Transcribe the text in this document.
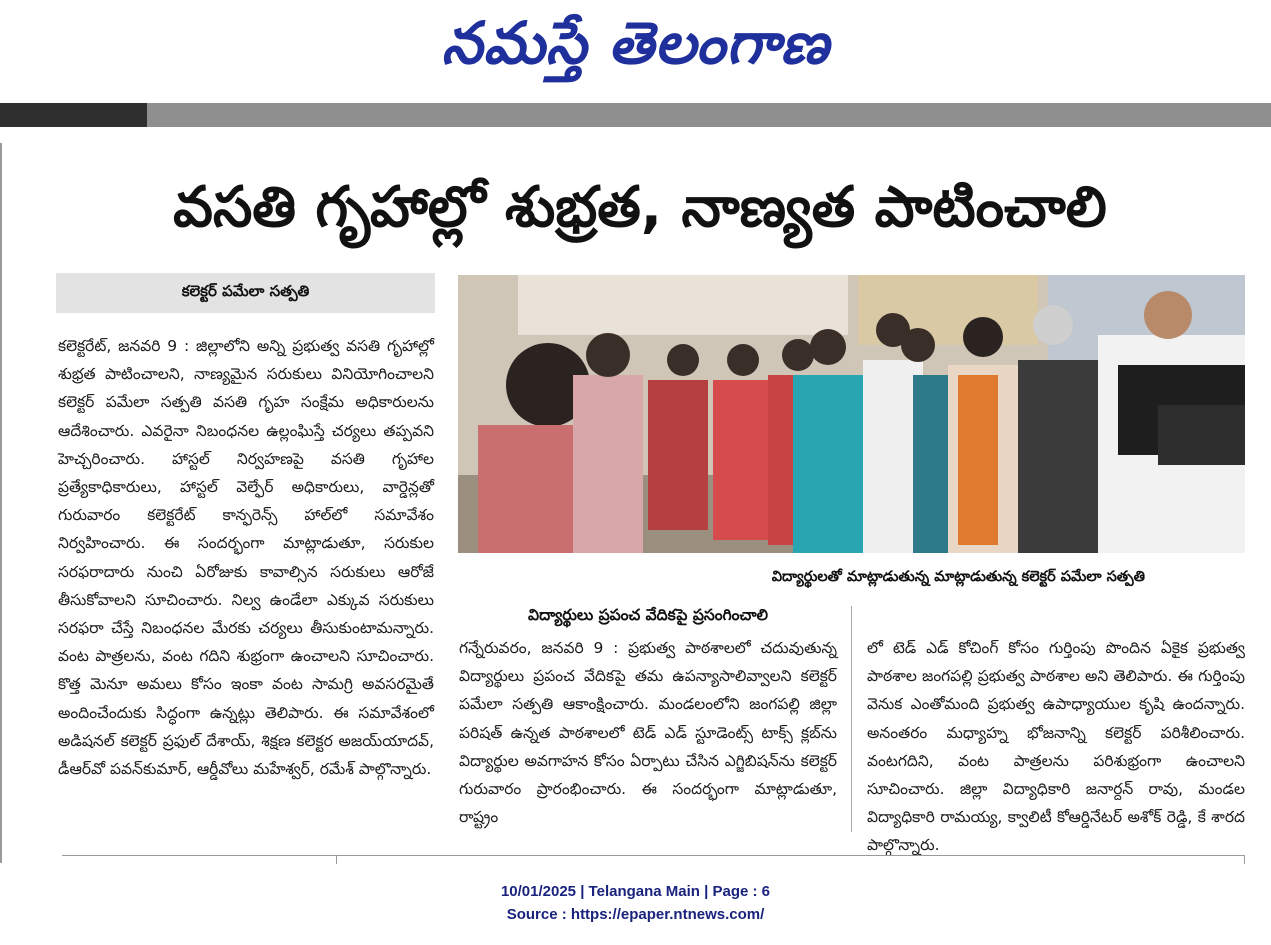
నమస్తే తెలంగాణ
వసతి గృహాల్లో శుభ్రత, నాణ్యత పాటించాలి
కలెక్టర్ పమేలా సత్పతి

కలెక్టరేట్, జనవరి 9 : జిల్లాలోని అన్ని ప్రభుత్వ వసతి గృహాల్లో శుభ్రత పాటించాలని, నాణ్యమైన సరుకులు వినియోగించాలని కలెక్టర్ పమేలా సత్పతి వసతి గృహ సంక్షేమ అధికారులను ఆదేశించారు. ఎవరైనా నిబంధనల ఉల్లంఘిస్తే చర్యలు తప్పవని హెచ్చరించారు. హాస్టల్ నిర్వహణపై వసతి గృహాల ప్రత్యేకాధికారులు, హాస్టల్ వెల్ఫేర్ అధికారులు, వార్డెన్లతో గురువారం కలెక్టరేట్ కాన్ఫరెన్స్ హాల్‌లో సమావేశం నిర్వహించారు. ఈ సందర్భంగా మాట్లాడుతూ, సరుకుల సరఫరాదారు నుంచి ఏరోజుకు కావాల్సిన సరుకులు ఆరోజే తీసుకోవాలని సూచించారు. నిల్వ ఉండేలా ఎక్కువ సరుకులు సరఫరా చేస్తే నిబంధనల మేరకు చర్యలు తీసుకుంటామన్నారు. వంట పాత్రలను, వంట గదిని శుభ్రంగా ఉంచాలని సూచించారు. కొత్త మెనూ అమలు కోసం ఇంకా వంట సామగ్రి అవసరమైతే అందించేందుకు సిద్ధంగా ఉన్నట్లు తెలిపారు. ఈ సమావేశంలో అడిషనల్ కలెక్టర్ ప్రఫుల్ దేశాయ్, శిక్షణ కలెక్టర అజయ్‌యాదవ్, డీఆర్‌వో పవన్‌కుమార్, ఆర్డీవోలు మహేశ్వర్, రమేశ్ పాల్గొన్నారు.

విద్యార్థులతో మాట్లాడుతున్న మాట్లాడుతున్న కలెక్టర్ పమేలా సత్పతి
విద్యార్థులు ప్రపంచ వేదికపై ప్రసంగించాలి

గన్నేరువరం, జనవరి 9 : ప్రభుత్వ పాఠశాలలో చదువుతున్న విద్యార్థులు ప్రపంచ వేదికపై తమ ఉపన్యాసాలివ్వాలని కలెక్టర్ పమేలా సత్పతి ఆకాంక్షించారు. మండలంలోని జంగపల్లి జిల్లా పరిషత్ ఉన్నత పాఠశాలలో టెడ్ ఎడ్ స్టూడెంట్స్ టాక్స్ క్లబ్‌ను విద్యార్థుల అవగాహన కోసం ఏర్పాటు చేసిన ఎగ్జిబిషన్‌ను కలెక్టర్ గురువారం ప్రారంభించారు. ఈ సందర్భంగా మాట్లాడుతూ, రాష్ట్రం

లో టెడ్ ఎడ్ కోచింగ్ కోసం గుర్తింపు పొందిన ఏకైక ప్రభుత్వ పాఠశాల జంగపల్లి ప్రభుత్వ పాఠశాల అని తెలిపారు. ఈ గుర్తింపు వెనుక ఎంతోమంది ప్రభుత్వ ఉపాధ్యాయుల కృషి ఉందన్నారు. అనంతరం మధ్యాహ్న భోజనాన్ని కలెక్టర్ పరిశీలించారు. వంటగదిని, వంట పాత్రలను పరిశుభ్రంగా ఉంచాలని సూచించారు. జిల్లా విద్యాధికారి జనార్దన్ రావు, మండల విద్యాధికారి రామయ్య, క్వాలిటీ కోఆర్డినేటర్ అశోక్ రెడ్డి, కే శారద పాల్గొన్నారు.

10/01/2025 | Telangana Main | Page : 6
Source : https://epaper.ntnews.com/
